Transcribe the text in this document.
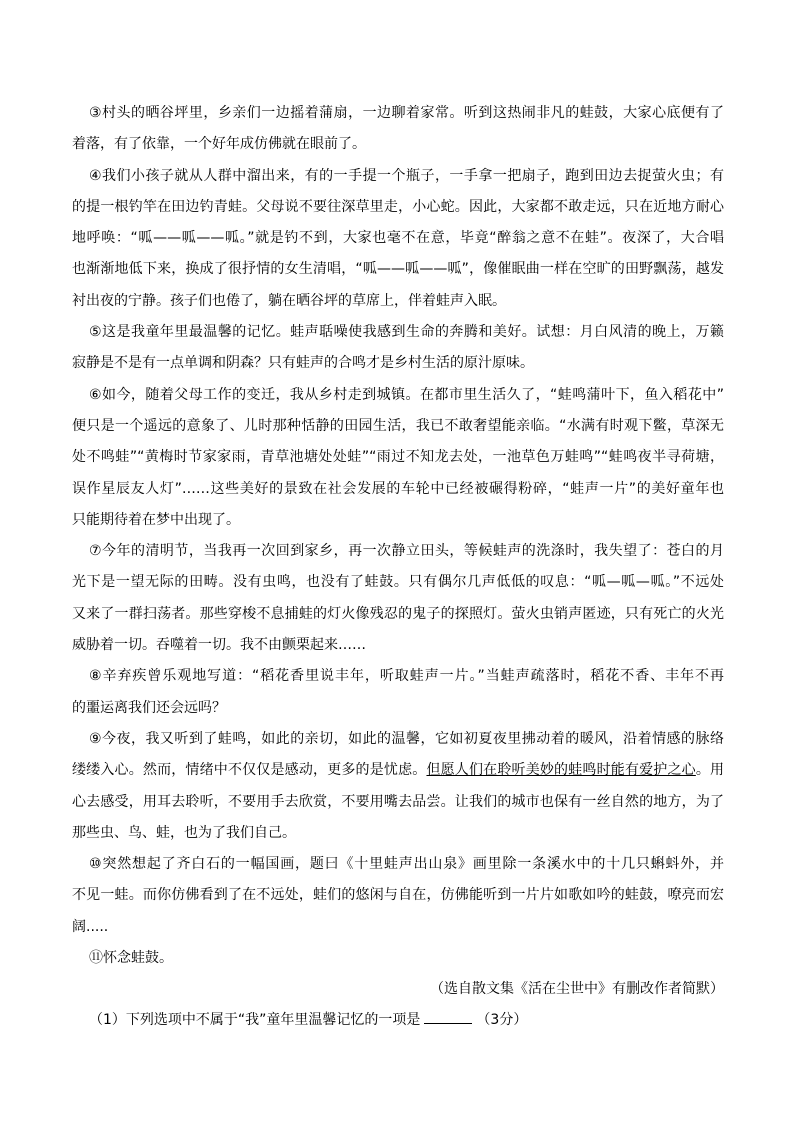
③村头的晒谷坪里，乡亲们一边摇着蒲扇，一边聊着家常。听到这热闹非凡的蛙鼓，大家心底便有了
着落，有了依靠，一个好年成仿佛就在眼前了。
④我们小孩子就从人群中溜出来，有的一手提一个瓶子，一手拿一把扇子，跑到田边去捉萤火虫；有
的提一根钓竿在田边钓青蛙。父母说不要往深草里走，小心蛇。因此，大家都不敢走远，只在近地方耐心
地呼唤：“呱——呱——呱。”就是钓不到，大家也毫不在意，毕竟“醉翁之意不在蛙”。夜深了，大合唱
也渐渐地低下来，换成了很抒情的女生清唱，“呱——呱——呱”，像催眠曲一样在空旷的田野飘荡，越发
衬出夜的宁静。孩子们也倦了，躺在晒谷坪的草席上，伴着蛙声入眠。
⑤这是我童年里最温馨的记忆。蛙声聒噪使我感到生命的奔腾和美好。试想：月白风清的晚上，万籁
寂静是不是有一点单调和阴森？只有蛙声的合鸣才是乡村生活的原汁原味。
⑥如今，随着父母工作的变迁，我从乡村走到城镇。在都市里生活久了，“蛙鸣蒲叶下，鱼入稻花中”
便只是一个遥远的意象了、儿时那种恬静的田园生活，我已不敢奢望能亲临。“水满有时观下鳖，草深无
处不鸣蛙”“黄梅时节家家雨，青草池塘处处蛙”“雨过不知龙去处，一池草色万蛙鸣”“蛙鸣夜半寻荷塘，
误作星辰友人灯”……这些美好的景致在社会发展的车轮中已经被碾得粉碎，“蛙声一片”的美好童年也
只能期待着在梦中出现了。
⑦今年的清明节，当我再一次回到家乡，再一次静立田头，等候蛙声的洗涤时，我失望了：苍白的月
光下是一望无际的田畴。没有虫鸣，也没有了蛙鼓。只有偶尔几声低低的叹息：“呱—呱—呱。”不远处
又来了一群扫荡者。那些穿梭不息捕蛙的灯火像残忍的鬼子的探照灯。萤火虫销声匿迹，只有死亡的火光
威胁着一切。吞噬着一切。我不由颤栗起来……
⑧辛弃疾曾乐观地写道：“稻花香里说丰年，听取蛙声一片。”当蛙声疏落时，稻花不香、丰年不再
的噩运离我们还会远吗？
⑨今夜，我又听到了蛙鸣，如此的亲切，如此的温馨，它如初夏夜里拂动着的暖风，沿着情感的脉络
缕缕入心。然而，情绪中不仅仅是感动，更多的是忧虑。但愿人们在聆听美妙的蛙鸣时能有爱护之心。用
心去感受，用耳去聆听，不要用手去欣赏，不要用嘴去品尝。让我们的城市也保有一丝自然的地方，为了
那些虫、鸟、蛙，也为了我们自己。
⑩突然想起了齐白石的一幅国画，题曰《十里蛙声出山泉》画里除一条溪水中的十几只蝌蚪外，并
不见一蛙。而你仿佛看到了在不远处，蛙们的悠闲与自在，仿佛能听到一片片如歌如吟的蛙鼓，嘹亮而宏
阔.....
⑪怀念蛙鼓。
（选自散文集《活在尘世中》有删改作者简默）
（1）下列选项中不属于“我”童年里温馨记忆的一项是	（3分）
